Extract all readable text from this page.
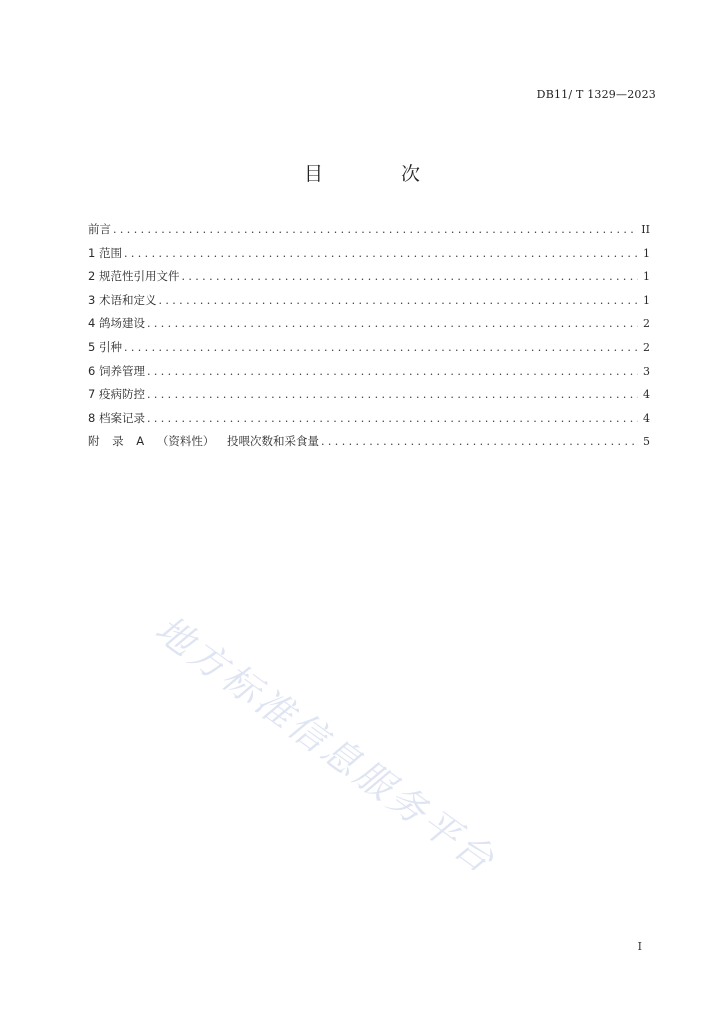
DB11/ T 1329—2023
目 次
前言 .....	II
1 范围 .....	1
2 规范性引用文件 .....	1
3 术语和定义 .....	1
4 鸽场建设 .....	2
5 引种 .....	2
6 饲养管理 .....	3
7 疫病防控 .....	4
8 档案记录 .....	4
附 录 A （资料性） 投喂次数和采食量 .....	5
地方标准信息服务平台
I
